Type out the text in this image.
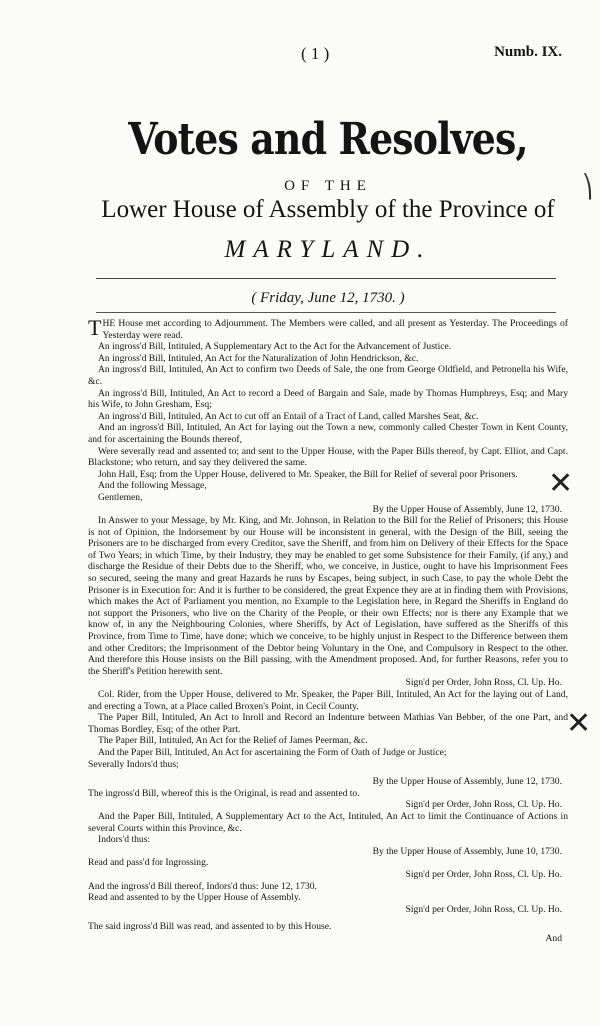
( 1 )	Numb. IX.
Votes and Resolves,
OF THE
Lower House of Assembly of the Province of
MARYLAND.
⎞
( Friday, June 12, 1730. )

THE House met according to Adjournment. The Members were called, and all present as Yesterday. The Proceedings of Yesterday were read.

An ingross'd Bill, Intituled, A Supplementary Act to the Act for the Advancement of Justice.

An ingross'd Bill, Intituled, An Act for the Naturalization of John Hendrickson, &c.

An ingross'd Bill, Intituled, An Act to confirm two Deeds of Sale, the one from George Oldfield, and Petronella his Wife, &c.

An ingross'd Bill, Intituled, An Act to record a Deed of Bargain and Sale, made by Thomas Humphreys, Esq; and Mary his Wife, to John Gresham, Esq;

An ingross'd Bill, Intituled, An Act to cut off an Entail of a Tract of Land, called Marshes Seat, &c.

And an ingross'd Bill, Intituled, An Act for laying out the Town a new, commonly called Chester Town in Kent County, and for ascertaining the Bounds thereof,

Were severally read and assented to; and sent to the Upper House, with the Paper Bills thereof, by Capt. Elliot, and Capt. Blackstone; who return, and say they delivered the same.

John Hall, Esq; from the Upper House, delivered to Mr. Speaker, the Bill for Relief of several poor Prisoners.

And the following Message,

Gentlemen,

By the Upper House of Assembly, June 12, 1730.

In Answer to your Message, by Mr. King, and Mr. Johnson, in Relation to the Bill for the Relief of Prisoners; this House is not of Opinion, the Indorsement by our House will be inconsistent in general, with the Design of the Bill, seeing the Prisoners are to be discharged from every Creditor, save the Sheriff, and from him on Delivery of their Effects for the Space of Two Years; in which Time, by their Industry, they may be enabled to get some Subsistence for their Family, (if any,) and discharge the Residue of their Debts due to the Sheriff, who, we conceive, in Justice, ought to have his Imprisonment Fees so secured, seeing the many and great Hazards he runs by Escapes, being subject, in such Case, to pay the whole Debt the Prisoner is in Execution for: And it is further to be considered, the great Expence they are at in finding them with Provisions, which makes the Act of Parliament you mention, no Example to the Legislation here, in Regard the Sheriffs in England do not support the Prisoners, who live on the Charity of the People, or their own Effects; nor is there any Example that we know of, in any the Neighbouring Colonies, where Sheriffs, by Act of Legislation, have suffered as the Sheriffs of this Province, from Time to Time, have done; which we conceive, to be highly unjust in Respect to the Difference between them and other Creditors; the Imprisonment of the Debtor being Voluntary in the One, and Compulsory in Respect to the other. And therefore this House insists on the Bill passing, with the Amendment proposed. And, for further Reasons, refer you to the Sheriff's Petition herewith sent.

Sign'd per Order, John Ross, Cl. Up. Ho.

Col. Rider, from the Upper House, delivered to Mr. Speaker, the Paper Bill, Intituled, An Act for the laying out of Land, and erecting a Town, at a Place called Broxen's Point, in Cecil County.

The Paper Bill, Intituled, An Act to Inroll and Record an Indenture between Mathias Van Bebber, of the one Part, and Thomas Bordley, Esq; of the other Part.

The Paper Bill, Intituled, An Act for the Relief of James Peerman, &c.

And the Paper Bill, Intituled, An Act for ascertaining the Form of Oath of Judge or Justice;

Severally Indors'd thus;

By the Upper House of Assembly, June 12, 1730.

The ingross'd Bill, whereof this is the Original, is read and assented to.

Sign'd per Order, John Ross, Cl. Up. Ho.

And the Paper Bill, Intituled, A Supplementary Act to the Act, Intituled, An Act to limit the Continuance of Actions in several Courts within this Province, &c.

Indors'd thus:

By the Upper House of Assembly, June 10, 1730.

Read and pass'd for Ingrossing.

Sign'd per Order, John Ross, Cl. Up. Ho.

And the ingross'd Bill thereof, Indors'd thus: June 12, 1730.

Read and assented to by the Upper House of Assembly.

Sign'd per Order, John Ross, Cl. Up. Ho.

The said ingross'd Bill was read, and assented to by this House.

And

✕
✕
